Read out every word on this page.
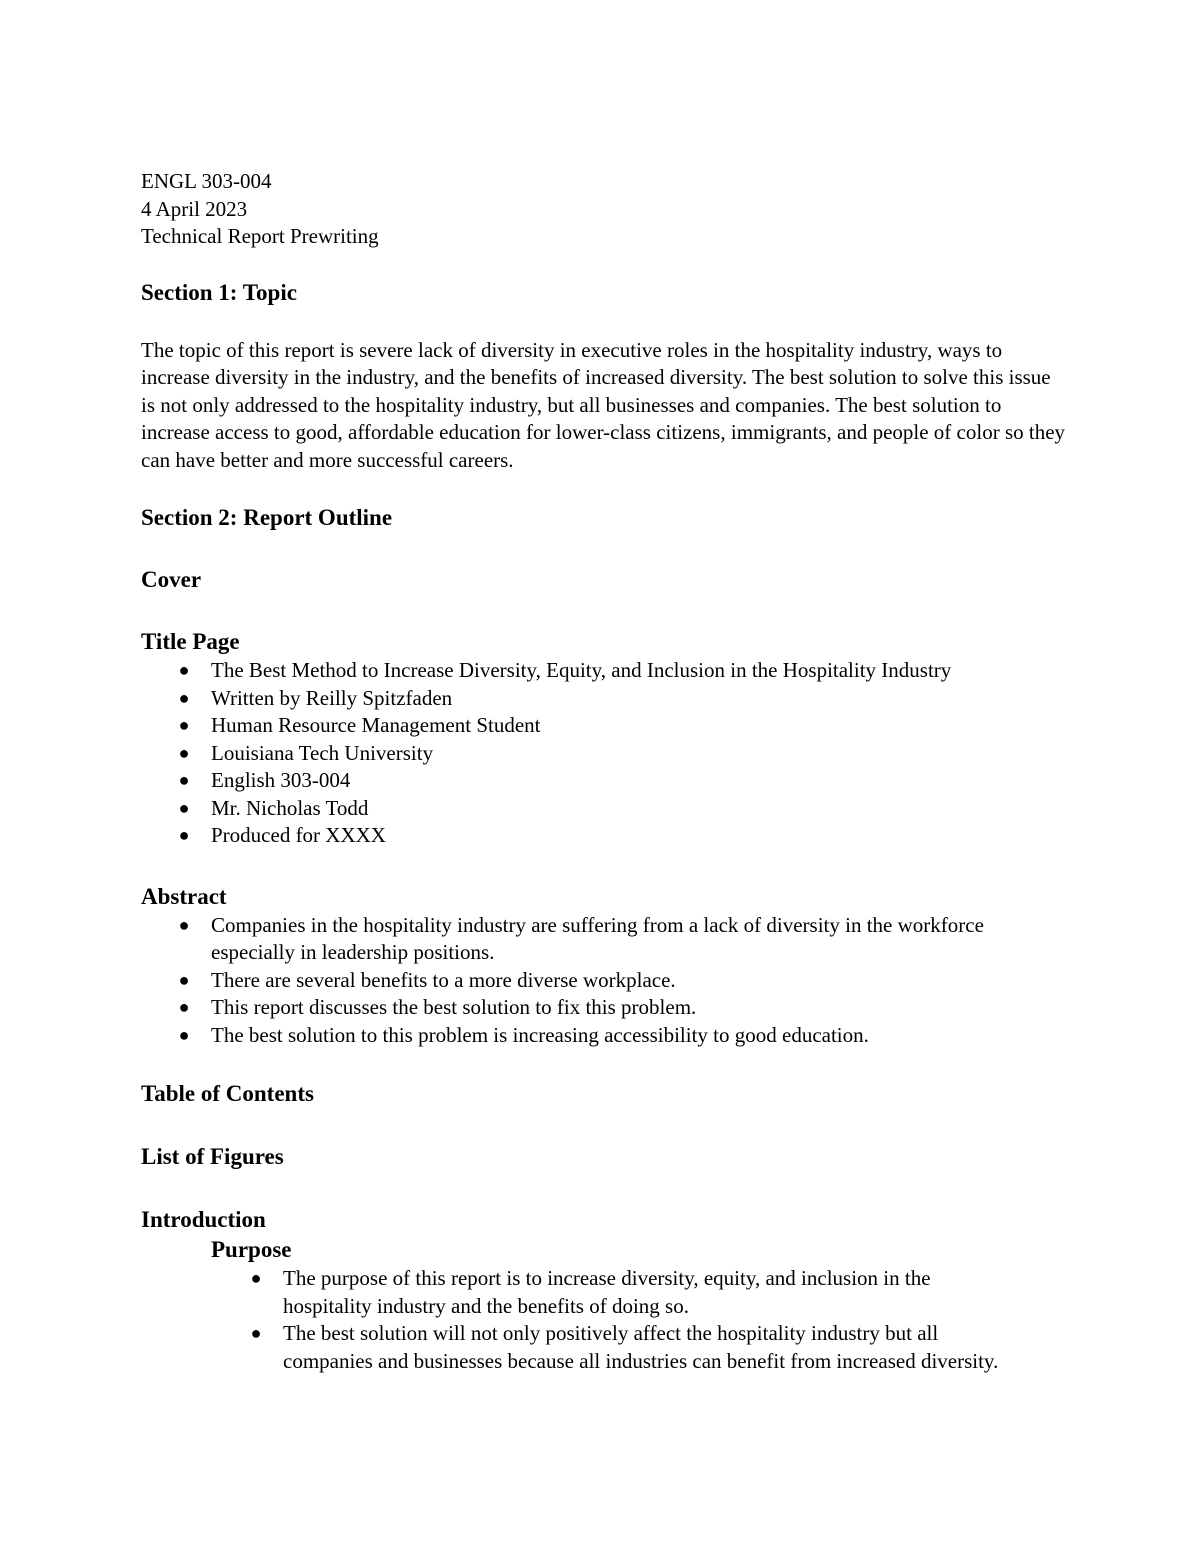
ENGL 303-004
4 April 2023
Technical Report Prewriting
Section 1: Topic

The topic of this report is severe lack of diversity in executive roles in the hospitality industry, ways to increase diversity in the industry, and the benefits of increased diversity. The best solution to solve this issue is not only addressed to the hospitality industry, but all businesses and companies. The best solution to increase access to good, affordable education for lower-class citizens, immigrants, and people of color so they can have better and more successful careers.

Section 2: Report Outline
Cover
Title Page
● The Best Method to Increase Diversity, Equity, and Inclusion in the Hospitality Industry
● Written by Reilly Spitzfaden
● Human Resource Management Student
● Louisiana Tech University
● English 303-004
● Mr. Nicholas Todd
● Produced for XXXX
Abstract
● Companies in the hospitality industry are suffering from a lack of diversity in the workforce especially in leadership positions.
● There are several benefits to a more diverse workplace.
● This report discusses the best solution to fix this problem.
● The best solution to this problem is increasing accessibility to good education.
Table of Contents
List of Figures
Introduction
Purpose
● The purpose of this report is to increase diversity, equity, and inclusion in the hospitality industry and the benefits of doing so.
● The best solution will not only positively affect the hospitality industry but all companies and businesses because all industries can benefit from increased diversity.
